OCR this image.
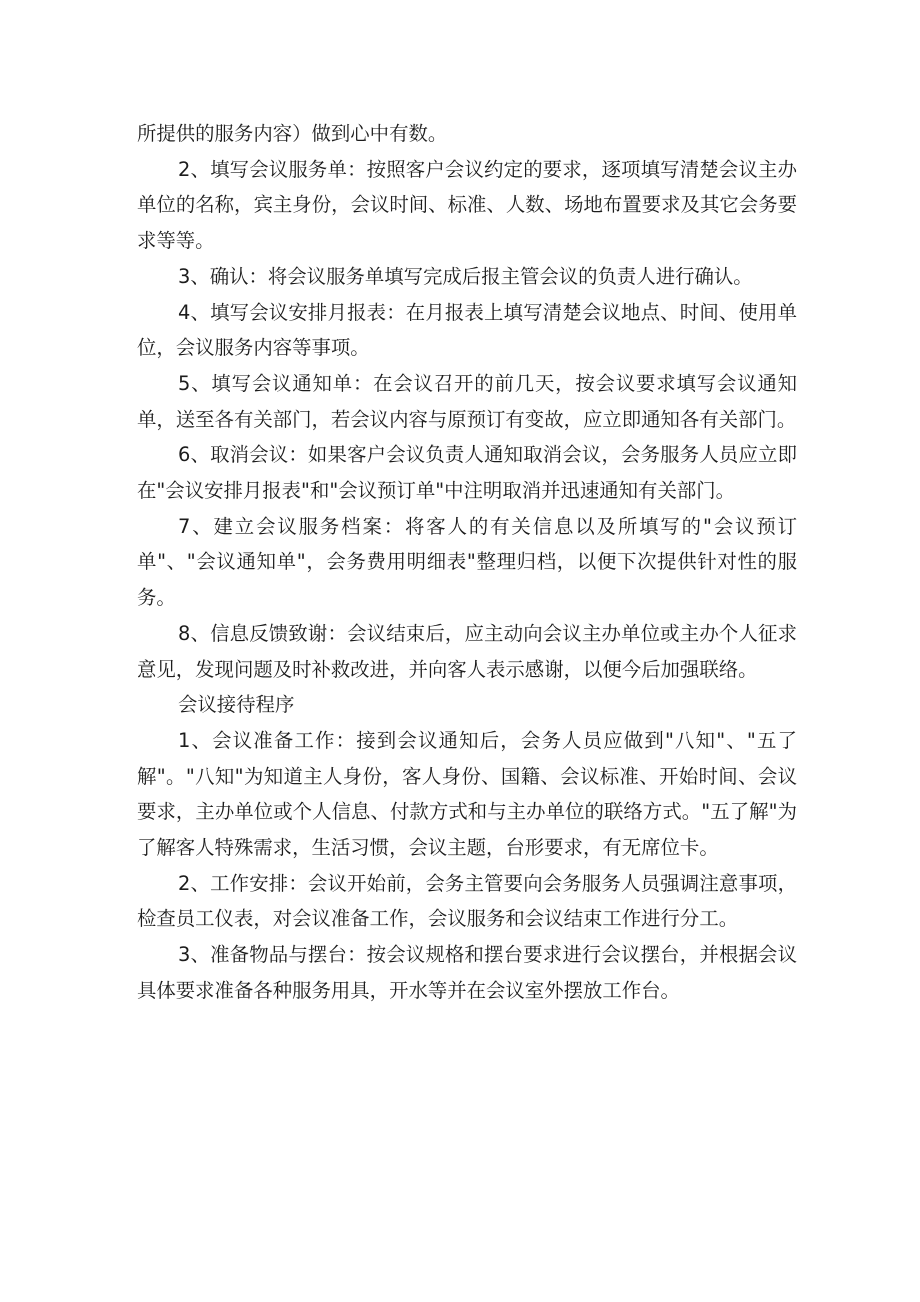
所提供的服务内容）做到心中有数。

2、填写会议服务单：按照客户会议约定的要求，逐项填写清楚会议主办单位的名称，宾主身份，会议时间、标准、人数、场地布置要求及其它会务要求等等。

3、确认：将会议服务单填写完成后报主管会议的负责人进行确认。

4、填写会议安排月报表：在月报表上填写清楚会议地点、时间、使用单位，会议服务内容等事项。

5、填写会议通知单：在会议召开的前几天，按会议要求填写会议通知单，送至各有关部门，若会议内容与原预订有变故，应立即通知各有关部门。

6、取消会议：如果客户会议负责人通知取消会议，会务服务人员应立即在"会议安排月报表"和"会议预订单"中注明取消并迅速通知有关部门。

7、建立会议服务档案：将客人的有关信息以及所填写的"会议预订单"、"会议通知单"，会务费用明细表"整理归档，以便下次提供针对性的服务。

8、信息反馈致谢：会议结束后，应主动向会议主办单位或主办个人征求意见，发现问题及时补救改进，并向客人表示感谢，以便今后加强联络。

会议接待程序

1、会议准备工作：接到会议通知后，会务人员应做到"八知"、"五了解"。"八知"为知道主人身份，客人身份、国籍、会议标准、开始时间、会议要求，主办单位或个人信息、付款方式和与主办单位的联络方式。"五了解"为了解客人特殊需求，生活习惯，会议主题，台形要求，有无席位卡。

2、工作安排：会议开始前，会务主管要向会务服务人员强调注意事项，检查员工仪表，对会议准备工作，会议服务和会议结束工作进行分工。

3、准备物品与摆台：按会议规格和摆台要求进行会议摆台，并根据会议具体要求准备各种服务用具，开水等并在会议室外摆放工作台。
